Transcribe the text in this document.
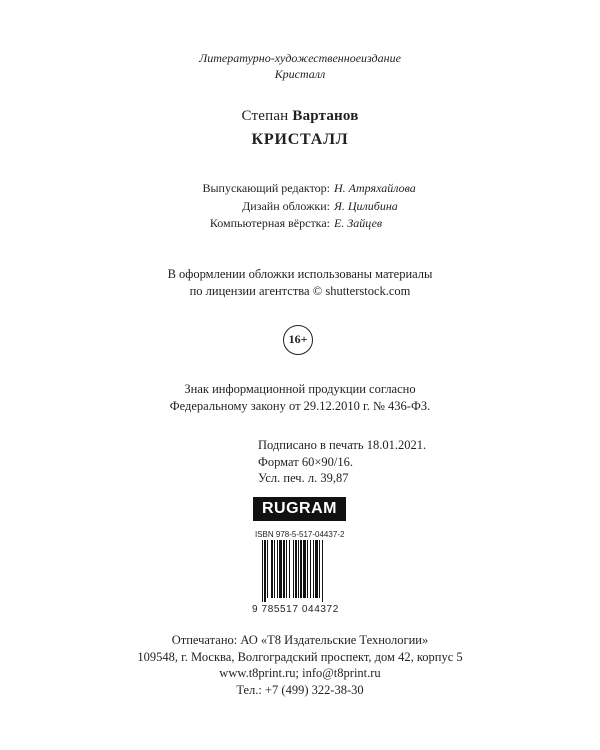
Литературно-художественноеиздание
Кристалл
Степан Вартанов
КРИСТАЛЛ
Выпускающий редактор: Н. Атряхайлова
Дизайн обложки: Я. Цилибина
Компьютерная вёрстка: Е. Зайцев
В оформлении обложки использованы материалы
по лицензии агентства © shutterstock.com
16+
Знак информационной продукции согласно
Федеральному закону от 29.12.2010 г. № 436-ФЗ.
Подписано в печать 18.01.2021.
Формат 60×90/16.
Усл. печ. л. 39,87
RUGRAM
ISBN 978-5-517-04437-2
9 785517 044372
Отпечатано: АО «Т8 Издательские Технологии»
109548, г. Москва, Волгоградский проспект, дом 42, корпус 5
www.t8print.ru; info@t8print.ru
Тел.: +7 (499) 322-38-30
